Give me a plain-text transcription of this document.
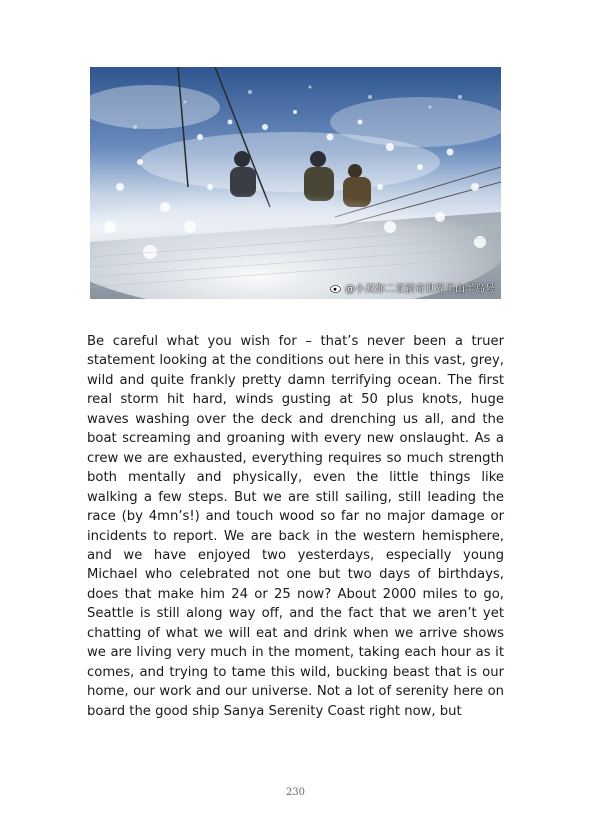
@小双你二亚新奇世界半山半岛号

Be careful what you wish for – that’s never been a truer statement looking at the conditions out here in this vast, grey, wild and quite frankly pretty damn terrifying ocean. The first real storm hit hard, winds gusting at 50 plus knots, huge waves washing over the deck and drenching us all, and the boat screaming and groaning with every new onslaught. As a crew we are exhausted, everything requires so much strength both mentally and physically, even the little things like walking a few steps. But we are still sailing, still leading the race (by 4mn’s!) and touch wood so far no major damage or incidents to report. We are back in the western hemisphere, and we have enjoyed two yesterdays, especially young Michael who celebrated not one but two days of birthdays, does that make him 24 or 25 now? About 2000 miles to go, Seattle is still along way off, and the fact that we aren’t yet chatting of what we will eat and drink when we arrive shows we are living very much in the moment, taking each hour as it comes, and trying to tame this wild, bucking beast that is our home, our work and our universe. Not a lot of serenity here on board the good ship Sanya Serenity Coast right now, but

230
